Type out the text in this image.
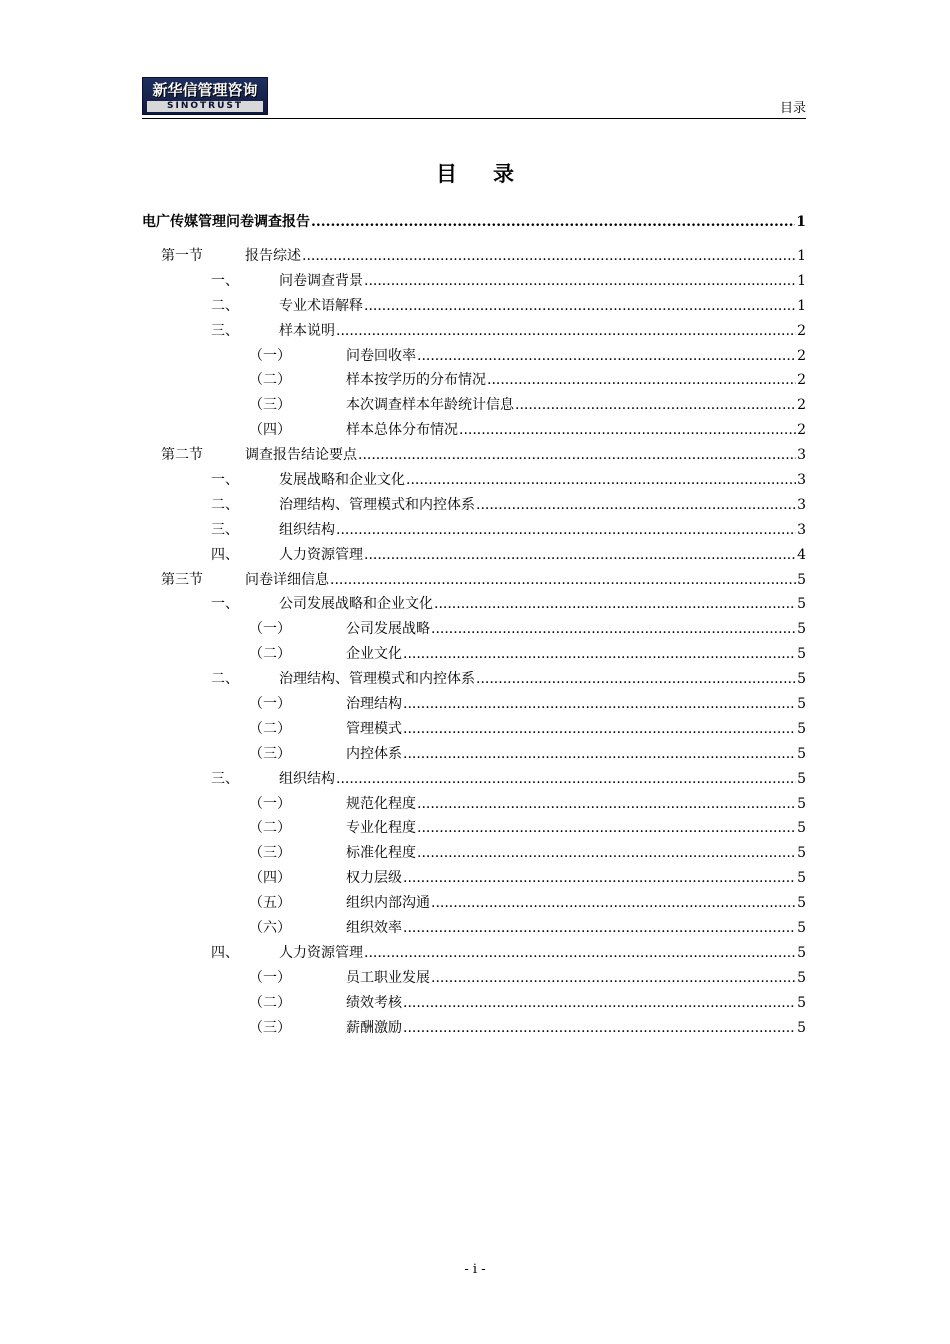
新华信管理咨询
SINOTRUST	目录
目录
电广传媒管理问卷调查报告 .....	1
第一节	报告综述 .....	1
一、	问卷调查背景 .....	1
二、	专业术语解释 .....	1
三、	样本说明 .....	2
（一）	问卷回收率 .....	2
（二）	样本按学历的分布情况 .....	2
（三）	本次调查样本年龄统计信息 .....	2
（四）	样本总体分布情况 .....	2
第二节	调查报告结论要点 .....	3
一、	发展战略和企业文化 .....	3
二、	治理结构、管理模式和内控体系 .....	3
三、	组织结构 .....	3
四、	人力资源管理 .....	4
第三节	问卷详细信息 .....	5
一、	公司发展战略和企业文化 .....	5
（一）	公司发展战略 .....	5
（二）	企业文化 .....	5
二、	治理结构、管理模式和内控体系 .....	5
（一）	治理结构 .....	5
（二）	管理模式 .....	5
（三）	内控体系 .....	5
三、	组织结构 .....	5
（一）	规范化程度 .....	5
（二）	专业化程度 .....	5
（三）	标准化程度 .....	5
（四）	权力层级 .....	5
（五）	组织内部沟通 .....	5
（六）	组织效率 .....	5
四、	人力资源管理 .....	5
（一）	员工职业发展 .....	5
（二）	绩效考核 .....	5
（三）	薪酬激励 .....	5
- i -
